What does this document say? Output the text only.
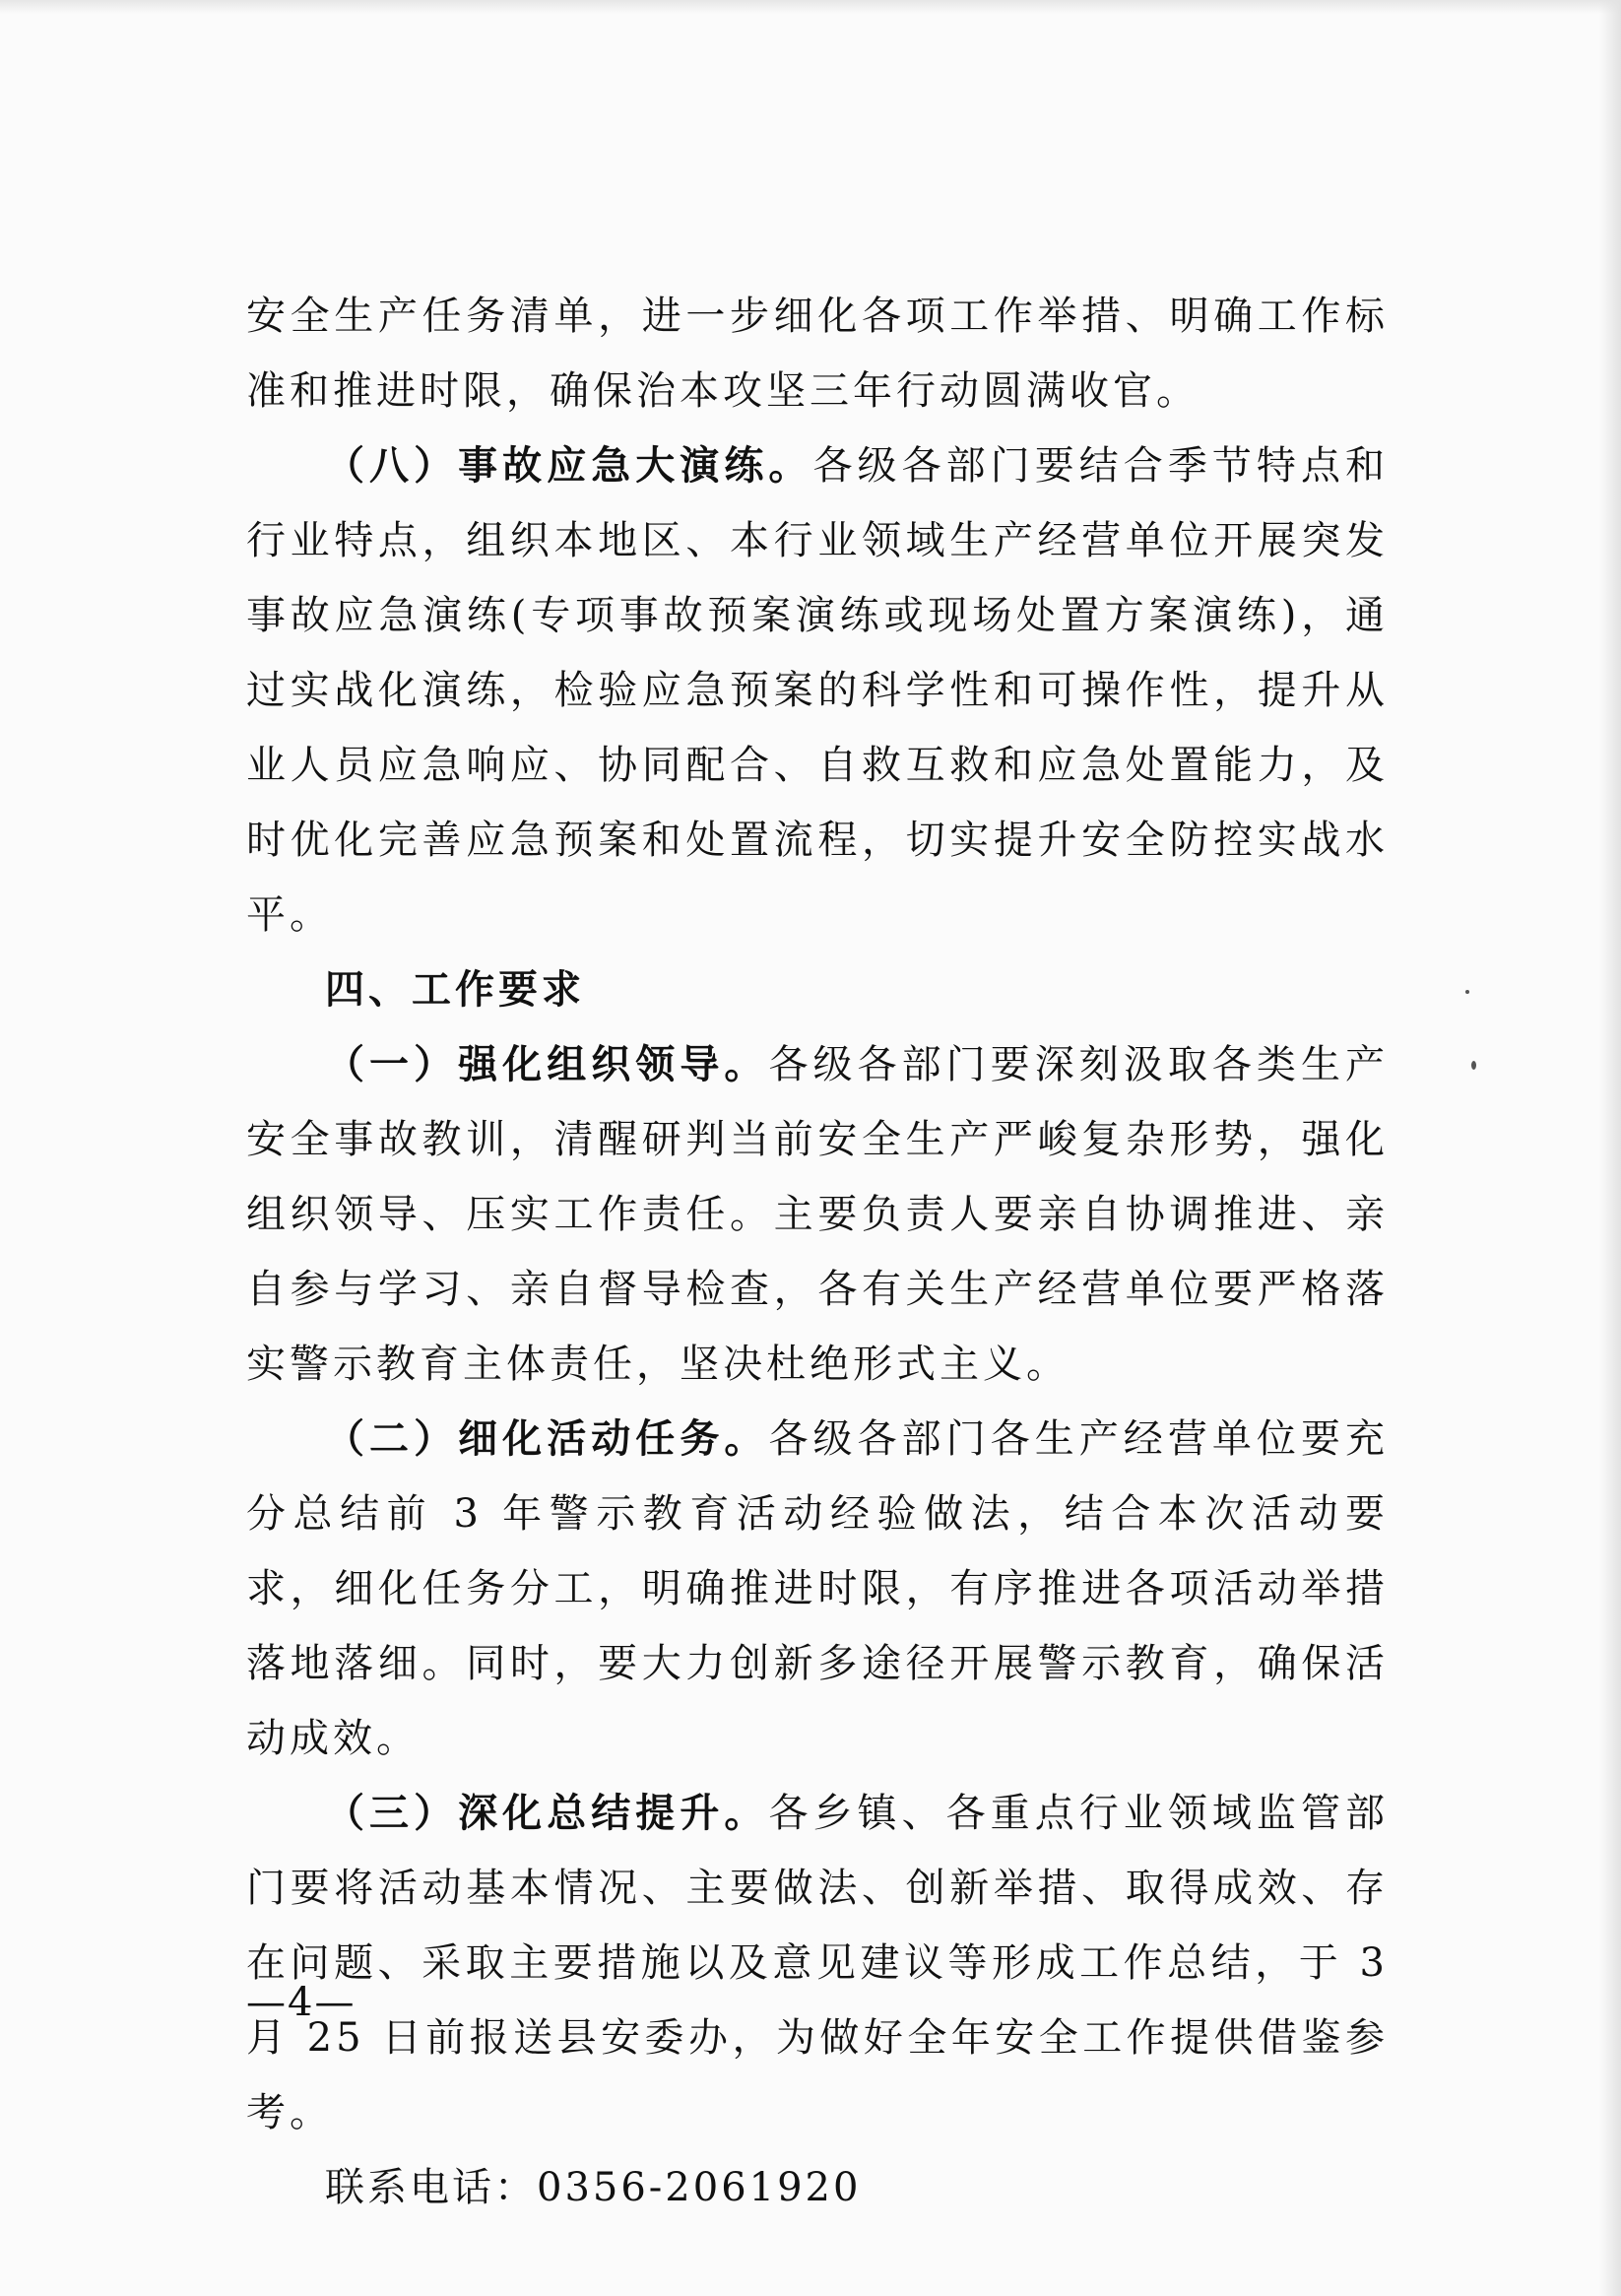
安全生产任务清单，进一步细化各项工作举措、明确工作标准和推进时限，确保治本攻坚三年行动圆满收官。

（八）事故应急大演练。各级各部门要结合季节特点和行业特点，组织本地区、本行业领域生产经营单位开展突发事故应急演练(专项事故预案演练或现场处置方案演练)，通过实战化演练，检验应急预案的科学性和可操作性，提升从业人员应急响应、协同配合、自救互救和应急处置能力，及时优化完善应急预案和处置流程，切实提升安全防控实战水平。

四、工作要求

（一）强化组织领导。各级各部门要深刻汲取各类生产安全事故教训，清醒研判当前安全生产严峻复杂形势，强化组织领导、压实工作责任。主要负责人要亲自协调推进、亲自参与学习、亲自督导检查，各有关生产经营单位要严格落实警示教育主体责任，坚决杜绝形式主义。

（二）细化活动任务。各级各部门各生产经营单位要充分总结前 3 年警示教育活动经验做法，结合本次活动要求，细化任务分工，明确推进时限，有序推进各项活动举措落地落细。同时，要大力创新多途径开展警示教育，确保活动成效。

（三）深化总结提升。各乡镇、各重点行业领域监管部门要将活动基本情况、主要做法、创新举措、取得成效、存在问题、采取主要措施以及意见建议等形成工作总结，于 3 月 25 日前报送县安委办，为做好全年安全工作提供借鉴参考。

联系电话：0356-2061920

—4—
